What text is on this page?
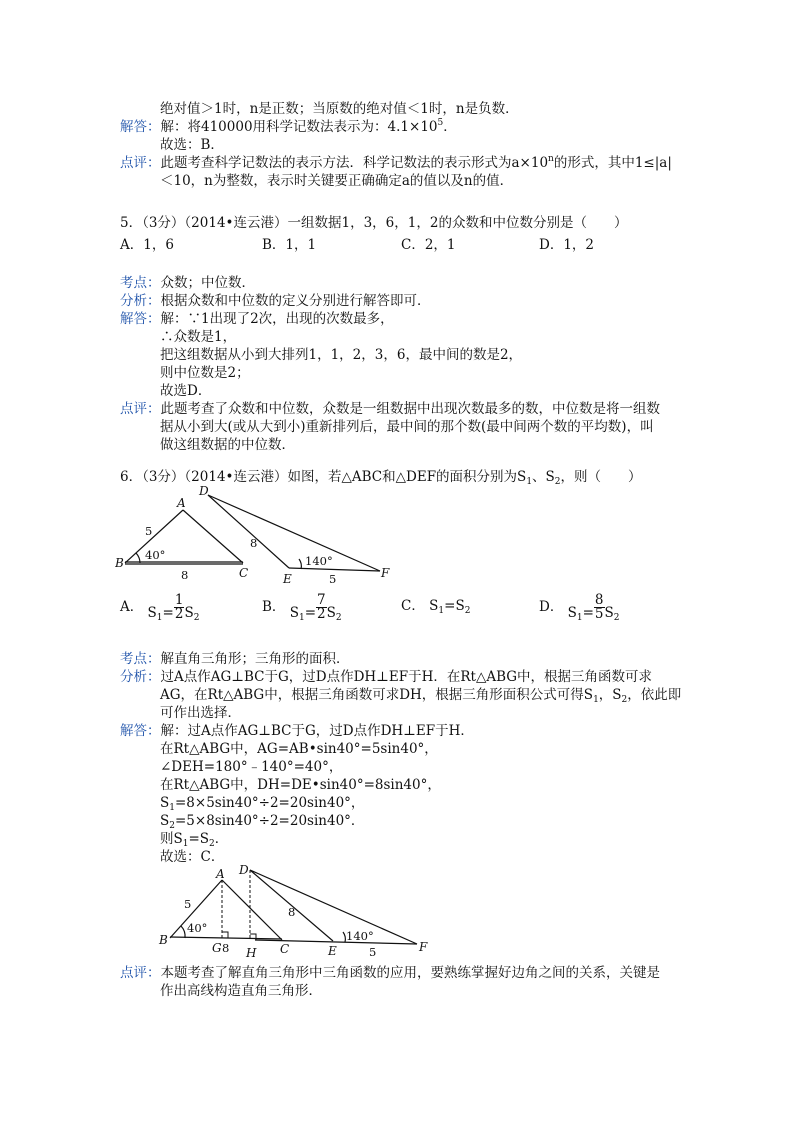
绝对值＞1时，n是正数；当原数的绝对值＜1时，n是负数．
解答：解：将410000用科学记数法表示为：$4.1\times 10^5$．
故选：B．
点评：此题考查科学记数法的表示方法．科学记数法的表示形式为$a\times 10^n$的形式，其中1≤|a|
＜10，n为整数，表示时关键要正确确定a的值以及n的值．
5．（3分）（2014•连云港）一组数据1，3，6，1，2的众数和中位数分别是（　　）
A．1，6	B．1，1	C．2，1	D．1，2
考点：众数；中位数．
分析：根据众数和中位数的定义分别进行解答即可．
解答：解：∵1出现了2次，出现的次数最多，
∴众数是1，
把这组数据从小到大排列1，1，2，3，6，最中间的数是2，
则中位数是2；
故选D．
点评：此题考查了众数和中位数，众数是一组数据中出现次数最多的数，中位数是将一组数
据从小到大(或从大到小)重新排列后，最中间的那个数(最中间两个数的平均数)，叫
做这组数据的中位数．
6．（3分）（2014•连云港）如图，若△ABC和△DEF的面积分别为$S_1$、$S_2$，则（　　）
A
B
C
D
E	F
5
8
40°
8
5
140°
A． $S_1= \frac{1}{2} S_2$
B． $S_1= \frac{7}{2} S_2$
C． $S_1=S_2$	D． $S_1= \frac{8}{5} S_2$
考点：解直角三角形；三角形的面积．
分析：过A点作AG⊥BC于G，过D点作DH⊥EF于H．在Rt△ABG中，根据三角函数可求
AG，在Rt△ABG中，根据三角函数可求DH，根据三角形面积公式可得$S_1$，$S_2$，依此即
可作出选择．
解答：解：过A点作AG⊥BC于G，过D点作DH⊥EF于H．
在Rt△ABG中，AG=AB•sin40°=5sin40°，
∠DEH=180°﹣140°=40°，
在Rt△ABG中，DH=DE•sin40°=8sin40°，
$S_1=8\times 5\sin 40^\circ\div 2=20\sin 40^\circ$，
$S_2=5\times 8\sin 40^\circ\div 2=20\sin 40^\circ$．
则$S_1=S_2$．
故选：C．
A
B
C
D
E	F
G H
5
8
40°
8
5
140°
点评：本题考查了解直角三角形中三角函数的应用，要熟练掌握好边角之间的关系，关键是
作出高线构造直角三角形．
